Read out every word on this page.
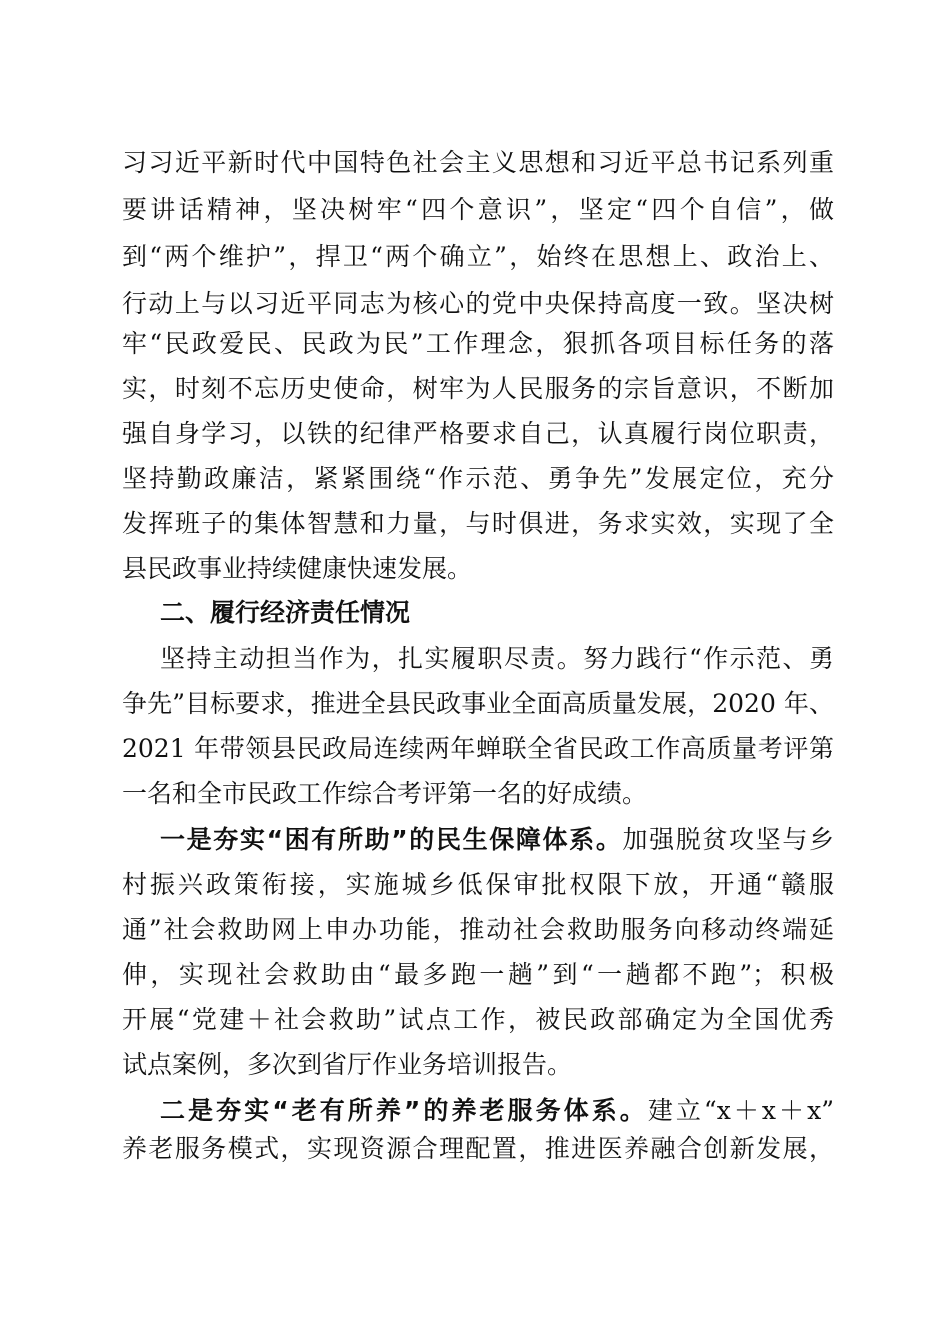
习习近平新时代中国特色社会主义思想和习近平总书记系列重
要讲话精神，坚决树牢“四个意识”，坚定“四个自信”，做
到“两个维护”，捍卫“两个确立”，始终在思想上、政治上、
行动上与以习近平同志为核心的党中央保持高度一致。坚决树
牢“民政爱民、民政为民”工作理念，狠抓各项目标任务的落
实，时刻不忘历史使命，树牢为人民服务的宗旨意识，不断加
强自身学习，以铁的纪律严格要求自己，认真履行岗位职责，
坚持勤政廉洁，紧紧围绕“作示范、勇争先”发展定位，充分
发挥班子的集体智慧和力量，与时俱进，务求实效，实现了全
县民政事业持续健康快速发展。
二、履行经济责任情况
坚持主动担当作为，扎实履职尽责。努力践行“作示范、勇
争先”目标要求，推进全县民政事业全面高质量发展，2020 年、
2021 年带领县民政局连续两年蝉联全省民政工作高质量考评第
一名和全市民政工作综合考评第一名的好成绩。
一是夯实“困有所助”的民生保障体系。加强脱贫攻坚与乡
村振兴政策衔接，实施城乡低保审批权限下放，开通“赣服
通”社会救助网上申办功能，推动社会救助服务向移动终端延
伸，实现社会救助由“最多跑一趟”到“一趟都不跑”；积极
开展“党建＋社会救助”试点工作，被民政部确定为全国优秀
试点案例，多次到省厅作业务培训报告。
二是夯实“老有所养”的养老服务体系。建立“x＋x＋x”
养老服务模式，实现资源合理配置，推进医养融合创新发展，
